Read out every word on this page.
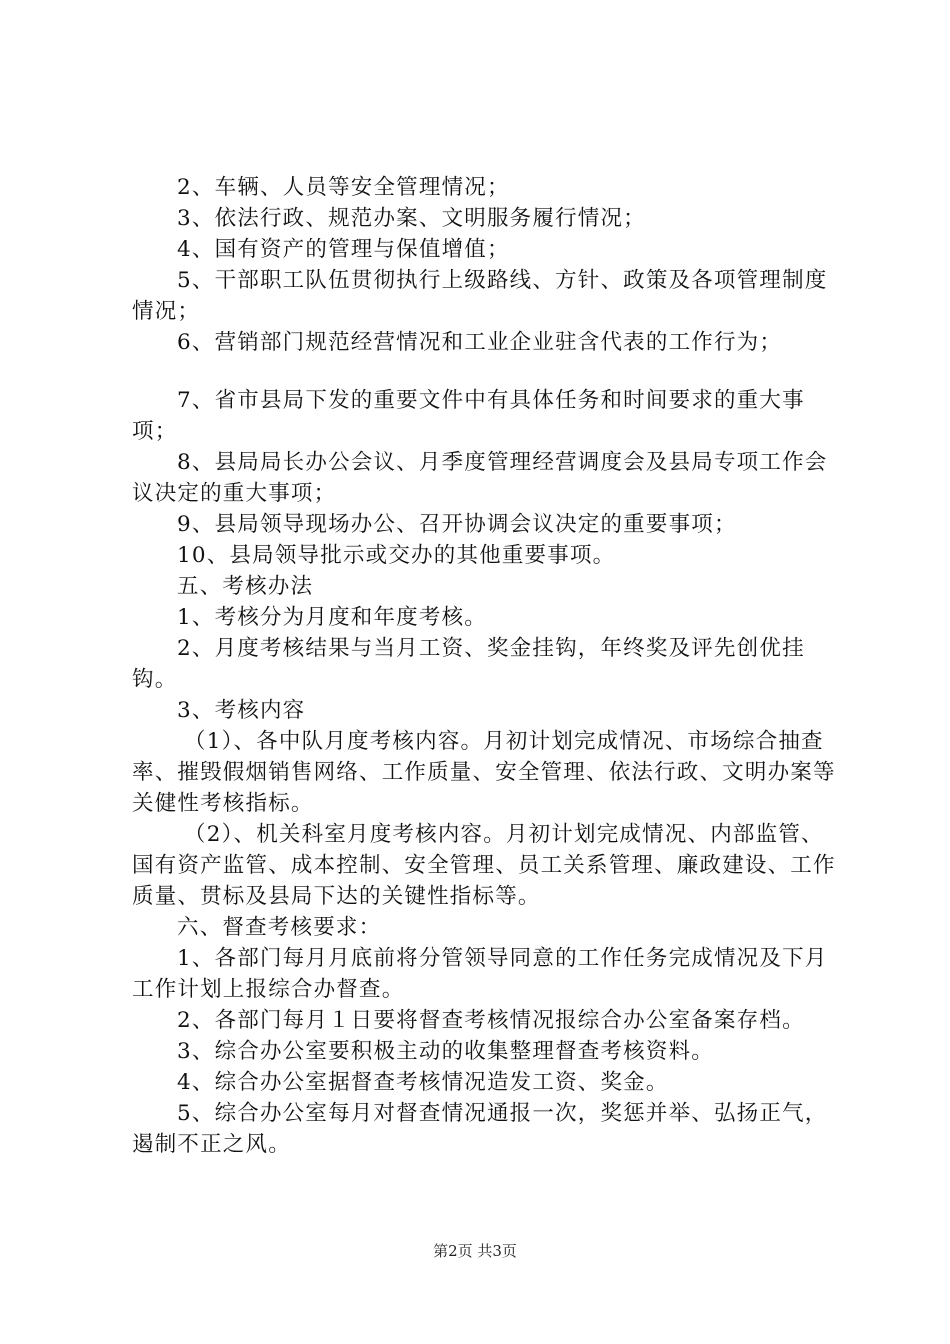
2、车辆、人员等安全管理情况；

3、依法行政、规范办案、文明服务履行情况；

4、国有资产的管理与保值增值；

5、干部职工队伍贯彻执行上级路线、方针、政策及各项管理制度情况；

6、营销部门规范经营情况和工业企业驻含代表的工作行为；

7、省市县局下发的重要文件中有具体任务和时间要求的重大事项；

8、县局局长办公会议、月季度管理经营调度会及县局专项工作会议决定的重大事项；

9、县局领导现场办公、召开协调会议决定的重要事项；

10、县局领导批示或交办的其他重要事项。

五、考核办法

1、考核分为月度和年度考核。

2、月度考核结果与当月工资、奖金挂钩，年终奖及评先创优挂钩。

3、考核内容

（1）、各中队月度考核内容。月初计划完成情况、市场综合抽查率、摧毁假烟销售网络、工作质量、安全管理、依法行政、文明办案等关健性考核指标。

（2）、机关科室月度考核内容。月初计划完成情况、内部监管、国有资产监管、成本控制、安全管理、员工关系管理、廉政建设、工作质量、贯标及县局下达的关键性指标等。

六、督查考核要求：

1、各部门每月月底前将分管领导同意的工作任务完成情况及下月工作计划上报综合办督查。

2、各部门每月１日要将督查考核情况报综合办公室备案存档。

3、综合办公室要积极主动的收集整理督查考核资料。

4、综合办公室据督查考核情况造发工资、奖金。

5、综合办公室每月对督查情况通报一次，奖惩并举、弘扬正气，遏制不正之风。

第2页 共3页
